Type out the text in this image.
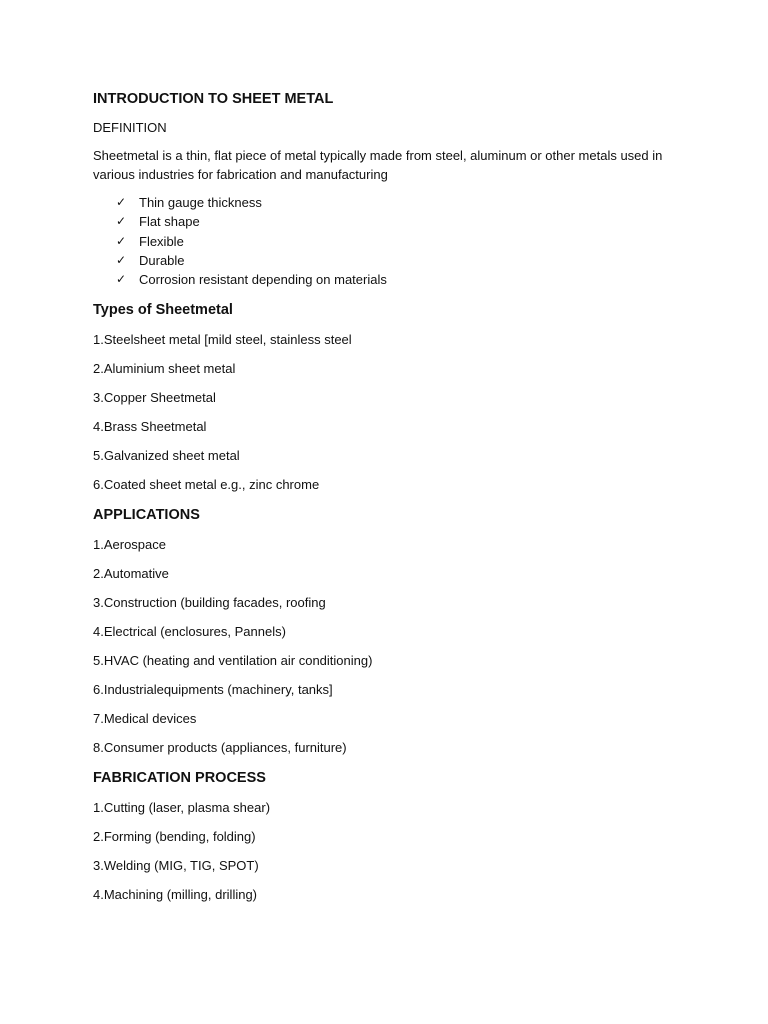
INTRODUCTION TO SHEET METAL

DEFINITION

Sheetmetal is a thin, flat piece of metal typically made from steel, aluminum or other metals used in various industries for fabrication and manufacturing

✓ Thin gauge thickness
✓ Flat shape
✓ Flexible
✓ Durable
✓ Corrosion resistant depending on materials
Types of Sheetmetal
1.Steelsheet metal [mild steel, stainless steel
2.Aluminium sheet metal
3.Copper Sheetmetal
4.Brass Sheetmetal
5.Galvanized sheet metal
6.Coated sheet metal e.g., zinc chrome
APPLICATIONS
1.Aerospace
2.Automative
3.Construction (building facades, roofing
4.Electrical (enclosures, Pannels)
5.HVAC (heating and ventilation air conditioning)
6.Industrialequipments (machinery, tanks]
7.Medical devices
8.Consumer products (appliances, furniture)
FABRICATION PROCESS
1.Cutting (laser, plasma shear)
2.Forming (bending, folding)
3.Welding (MIG, TIG, SPOT)
4.Machining (milling, drilling)
